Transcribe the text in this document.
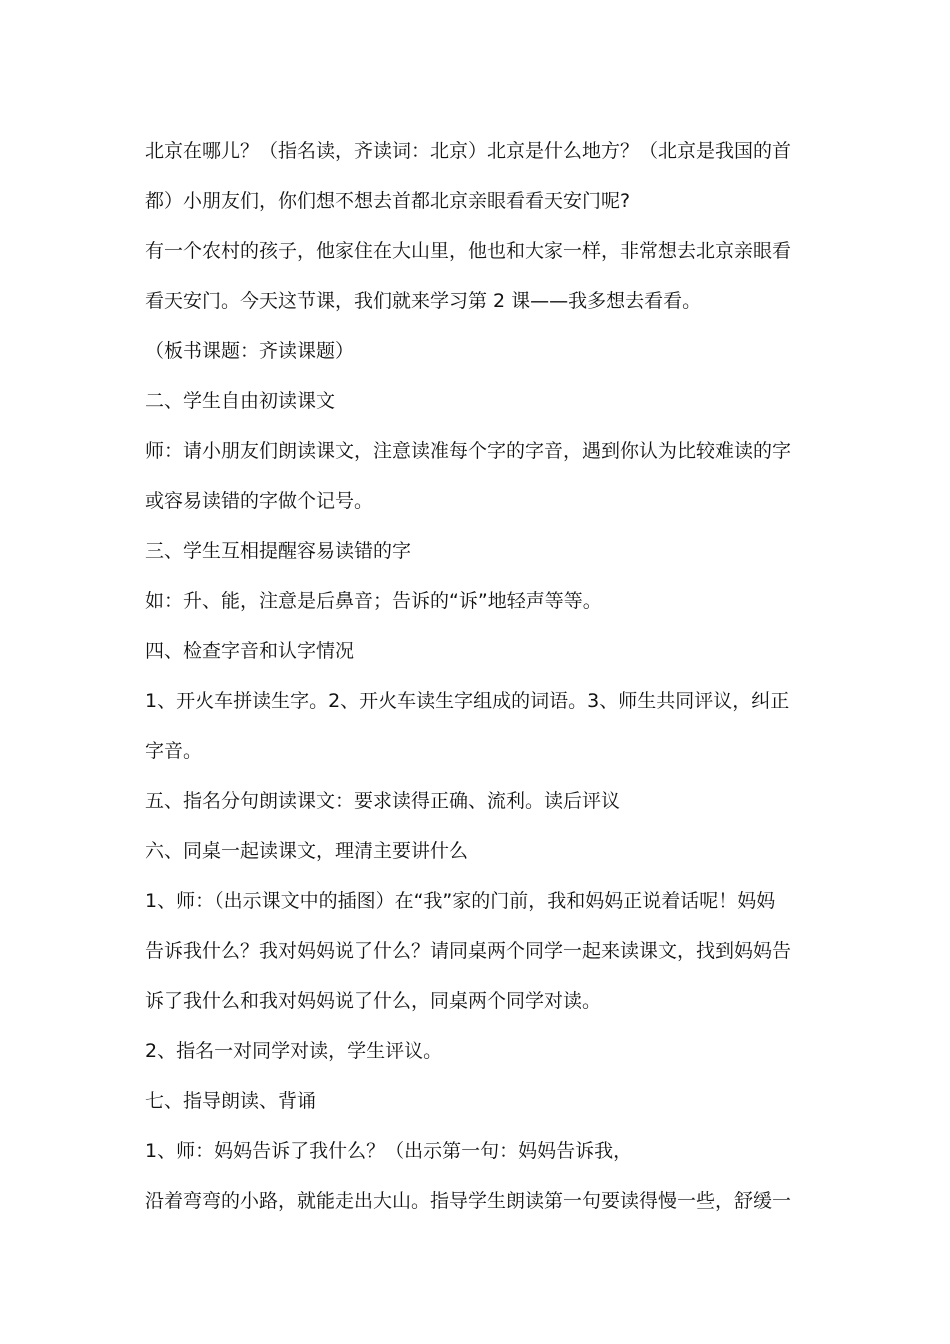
北京在哪儿？（指名读，齐读词：北京）北京是什么地方？（北京是我国的首
都）小朋友们，你们想不想去首都北京亲眼看看天安门呢?
有一个农村的孩子，他家住在大山里，他也和大家一样，非常想去北京亲眼看
看天安门。今天这节课，我们就来学习第 2 课——我多想去看看。
（板书课题：齐读课题）
二、学生自由初读课文
师：请小朋友们朗读课文，注意读准每个字的字音，遇到你认为比较难读的字
或容易读错的字做个记号。
三、学生互相提醒容易读错的字
如：升、能，注意是后鼻音；告诉的“诉”地轻声等等。
四、检查字音和认字情况
1、开火车拼读生字。2、开火车读生字组成的词语。3、师生共同评议，纠正
字音。
五、指名分句朗读课文：要求读得正确、流利。读后评议
六、同桌一起读课文，理清主要讲什么
1、师：（出示课文中的插图）在“我”家的门前，我和妈妈正说着话呢！妈妈
告诉我什么？我对妈妈说了什么？请同桌两个同学一起来读课文，找到妈妈告
诉了我什么和我对妈妈说了什么，同桌两个同学对读。
2、指名一对同学对读，学生评议。
七、指导朗读、背诵
1、师：妈妈告诉了我什么？（出示第一句：妈妈告诉我，
沿着弯弯的小路，就能走出大山。指导学生朗读第一句要读得慢一些，舒缓一
